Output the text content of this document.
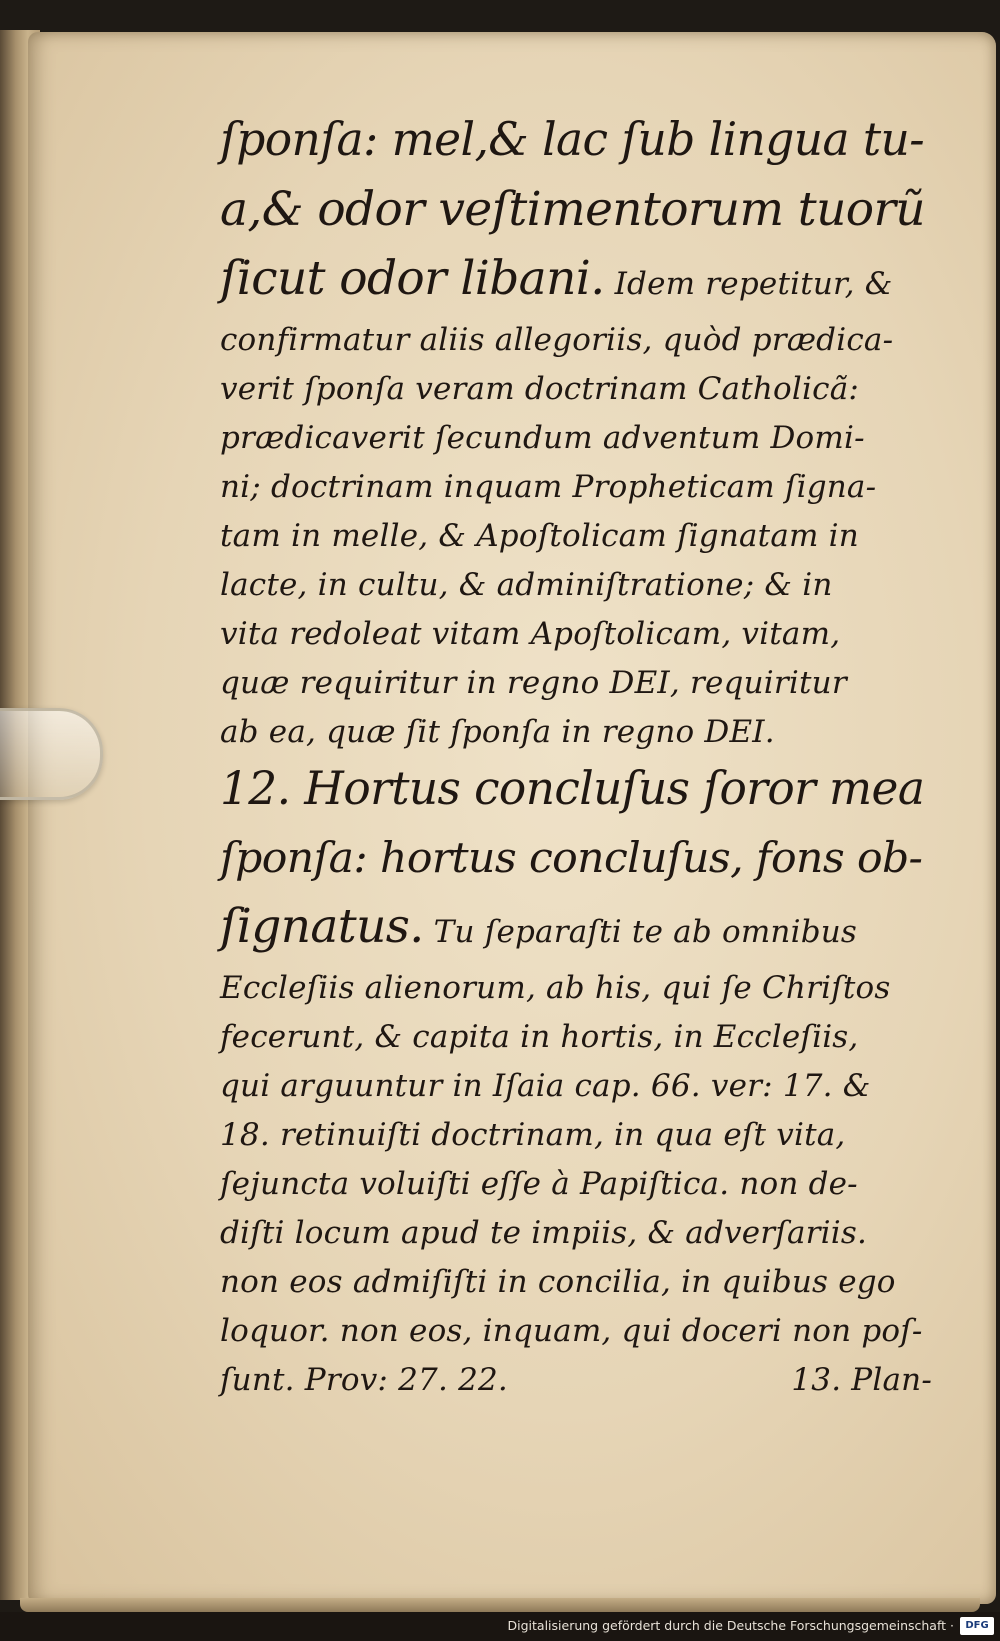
ſponſa: mel,& lac ſub lingua tu-
a,& odor veſtimentorum tuorũ
ſicut odor libani. Idem repetitur, &
confirmatur aliis allegoriis, quòd prædica-
verit ſponſa veram doctrinam Catholicã:
prædicaverit ſecundum adventum Domi-
ni; doctrinam inquam Propheticam ſigna-
tam in melle, & Apoſtolicam ſignatam in
lacte, in cultu, & adminiſtratione; & in
vita redoleat vitam Apoſtolicam, vitam,
quæ requiritur in regno DEI, requiritur
ab ea, quæ ſit ſponſa in regno DEI.
12. Hortus concluſus ſoror mea
ſponſa: hortus concluſus, fons ob-
ſignatus. Tu ſeparaſti te ab omnibus
Eccleſiis alienorum, ab his, qui ſe Chriſtos
fecerunt, & capita in hortis, in Eccleſiis,
qui arguuntur in Iſaia cap. 66. ver: 17. &
18. retinuiſti doctrinam, in qua eſt vita,
ſejuncta voluiſti eſſe à Papiſtica. non de-
diſti locum apud te impiis, & adverſariis.
non eos admiſiſti in concilia, in quibus ego
loquor. non eos, inquam, qui doceri non poſ-
ſunt. Prov: 27. 22.	13. Plan-
Digitalisierung gefördert durch die Deutsche Forschungsgemeinschaft ·	DFG
